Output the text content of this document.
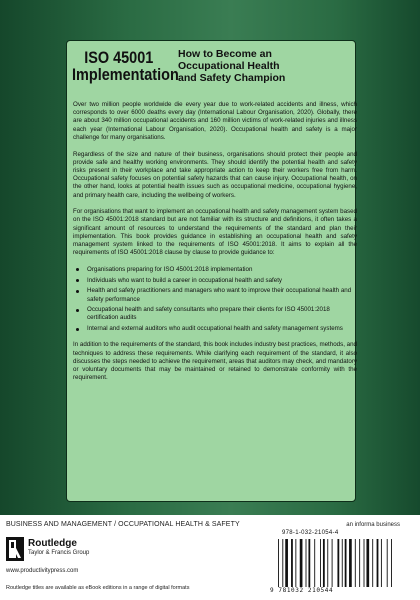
ISO 45001
Implementation
How to Become an
Occupational Health
and Safety Champion

Over two million people worldwide die every year due to work-related accidents and illness, which corresponds to over 6000 deaths every day (International Labour Organisation, 2020). Globally, there are about 340 million occupational accidents and 160 million victims of work-related injuries and illness each year (International Labour Organisation, 2020). Occupational health and safety is a major challenge for many organisations.

Regardless of the size and nature of their business, organisations should protect their people and provide safe and healthy working environments. They should identify the potential health and safety risks present in their workplace and take appropriate action to keep their workers free from harm. Occupational safety focuses on potential safety hazards that can cause injury. Occupational health, on the other hand, looks at potential health issues such as occupational medicine, occupational hygiene, and primary health care, including the wellbeing of workers.

For organisations that want to implement an occupational health and safety management system based on the ISO 45001:2018 standard but are not familiar with its structure and definitions, it often takes a significant amount of resources to understand the requirements of the standard and plan their implementation. This book provides guidance in establishing an occupational health and safety management system linked to the requirements of ISO 45001:2018. It aims to explain all the requirements of ISO 45001:2018 clause by clause to provide guidance to:

Organisations preparing for ISO 45001:2018 implementation
Individuals who want to build a career in occupational health and safety
Health and safety practitioners and managers who want to improve their occupational health and safety performance
Occupational health and safety consultants who prepare their clients for ISO 45001:2018 certification audits
Internal and external auditors who audit occupational health and safety management systems

In addition to the requirements of the standard, this book includes industry best practices, methods, and techniques to address these requirements. While clarifying each requirement of the standard, it also discusses the steps needed to achieve the requirement, areas that auditors may check, and mandatory or voluntary documents that may be maintained or retained to demonstrate conformity with the requirement.

BUSINESS AND MANAGEMENT / OCCUPATIONAL HEALTH & SAFETY	an informa business
Routledge
Taylor & Francis Group
www.productivitypress.com
Routledge titles are available as eBook editions in a range of digital formats
978-1-032-21054-4
9 781032 210544
